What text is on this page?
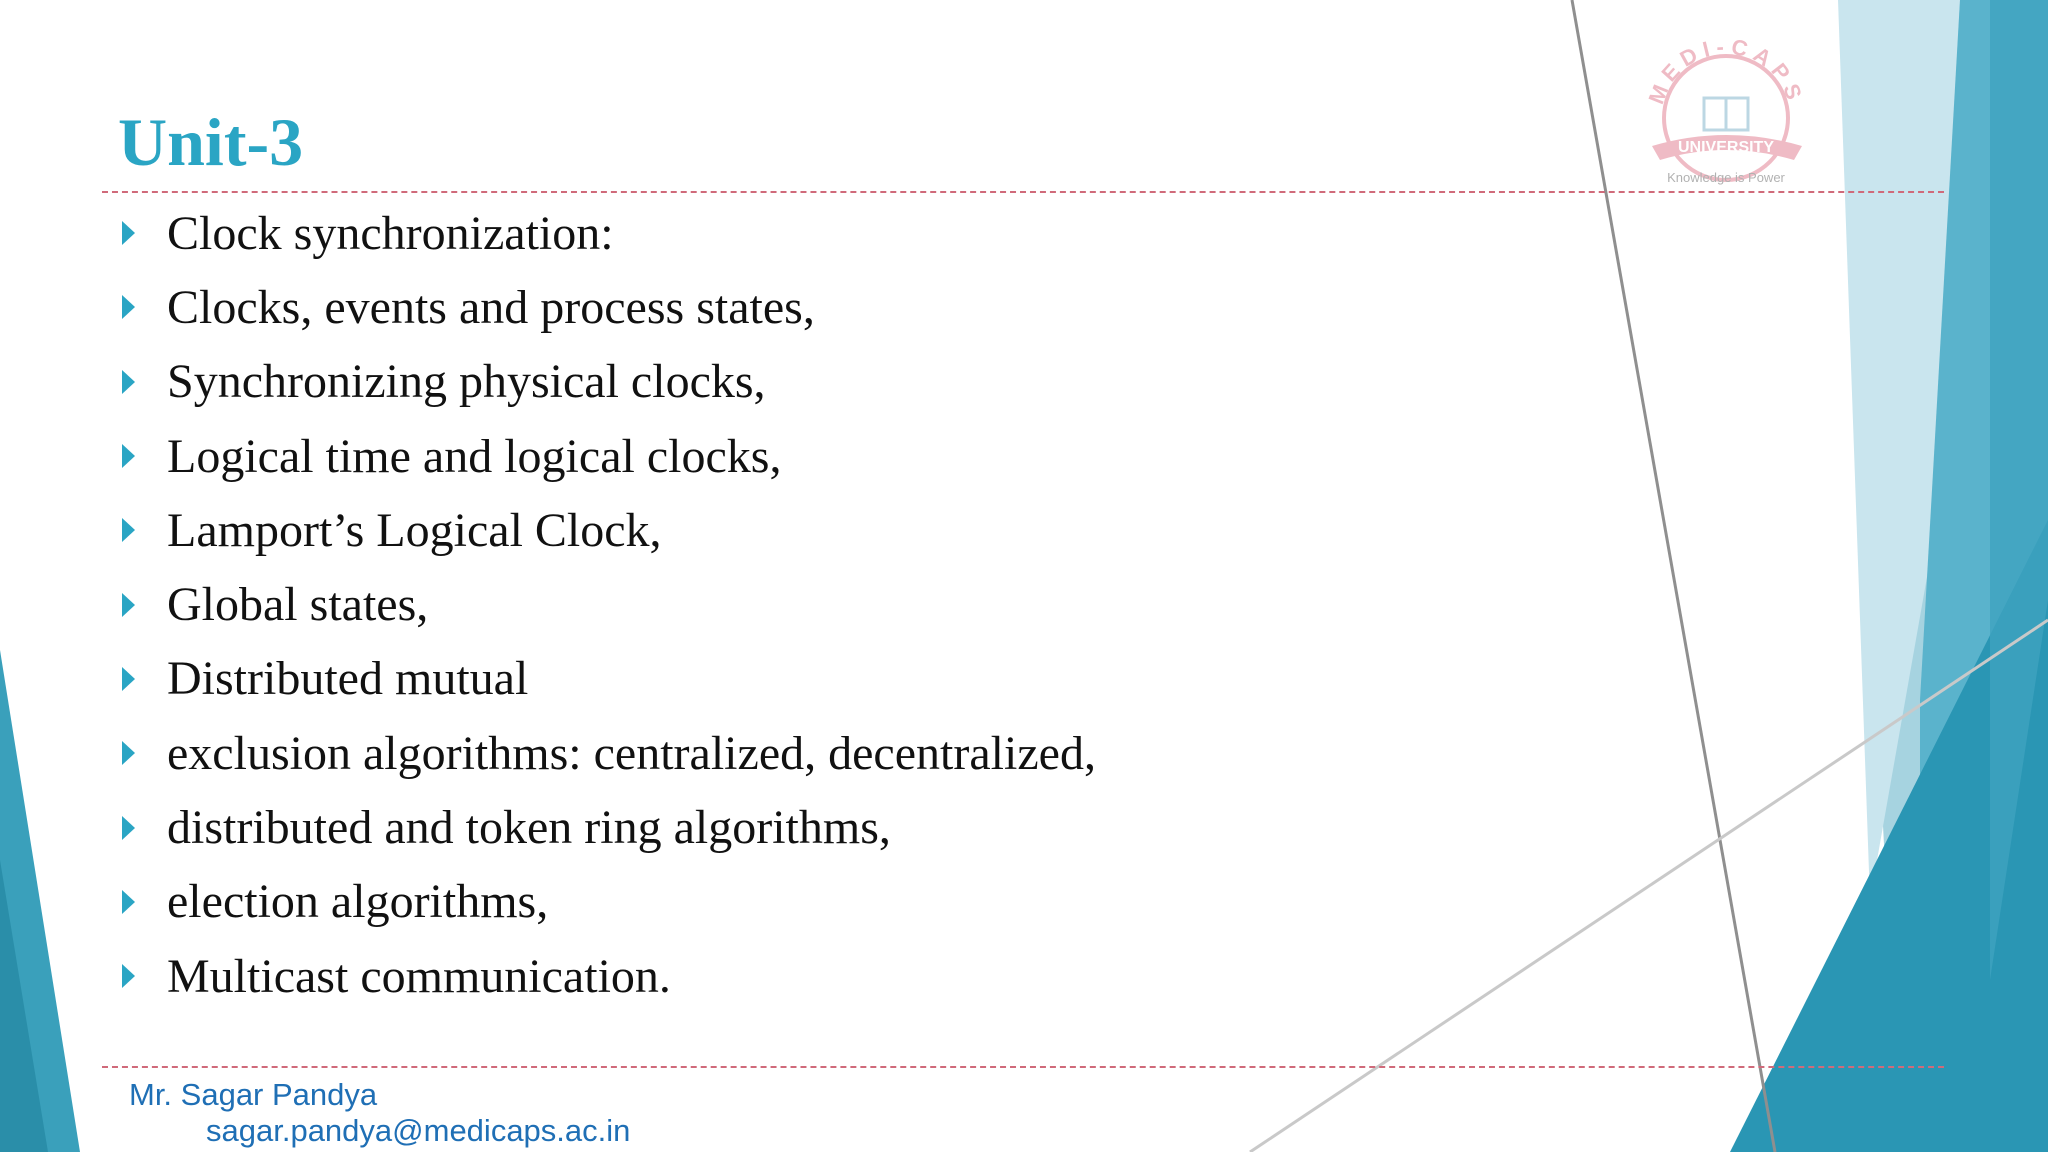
MEDI-CAPS
UNIVERSITY
Knowledge is Power
Unit-3
Clock synchronization:
Clocks, events and process states,
Synchronizing physical clocks,
Logical time and logical clocks,
Lamport’s Logical Clock,
Global states,
Distributed mutual
exclusion algorithms: centralized, decentralized,
distributed and token ring algorithms,
election algorithms,
Multicast communication.
Mr. Sagar Pandya
sagar.pandya@medicaps.ac.in
